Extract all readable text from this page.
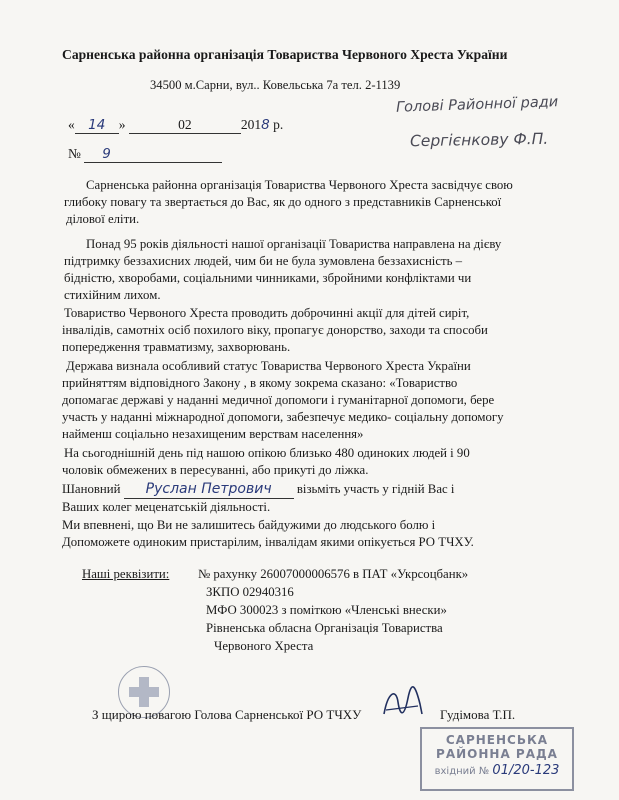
Сарненська районна організація Товариства Червоного Хреста України
34500 м.Сарни, вул.. Ковельська 7а тел. 2-1139
Голові Районної ради
Сергієнкову Ф.П.
« 14 »	02	2018 р.
№ 9
Сарненська районна організація Товариства Червоного Хреста засвідчує свою
глибоку повагу та звертається до Вас, як до одного з представників Сарненської
ділової еліти.
Понад 95 років діяльності нашої організації Товариства направлена на дієву
підтримку беззахисних людей, чим би не була зумовлена беззахисність –
бідністю, хворобами, соціальними чинниками, збройними конфліктами чи
стихійним лихом.
Товариство Червоного Хреста проводить доброчинні акції для дітей сиріт,
інвалідів, самотніх осіб похилого віку, пропагує донорство, заходи та способи
попередження травматизму, захворювань.
Держава визнала особливий статус Товариства Червоного Хреста України
прийняттям відповідного Закону , в якому зокрема сказано: «Товариство
допомагає державі у наданні медичної допомоги і гуманітарної допомоги, бере
участь у наданні міжнародної допомоги, забезпечує медико- соціальну допомогу
найменш соціально незахищеним верствам населення»
На сьогоднішній день під нашою опікою близько 480 одиноких людей і 90
чоловік обмежених в пересуванні, або прикуті до ліжка.
Шановний Руслан Петрович візьміть участь у гідній Вас і
Ваших колег меценатській діяльності.
Ми впевнені, що Ви не залишитесь байдужими до людського болю і
Допоможете одиноким пристарілим, інвалідам якими опікується РО ТЧХУ.
Наші реквізити: № рахунку 26007000006576 в ПАТ «Укрсоцбанк»
ЗКПО 02940316
МФО 300023 з поміткою «Членські внески»
Рівненська обласна Організація Товариства
Червоного Хреста
З щирою повагою Голова Сарненської РО ТЧХУ	Гудімова Т.П.
САРНЕНСЬКА
РАЙОННА РАДА
вхідний № 01/20-123
